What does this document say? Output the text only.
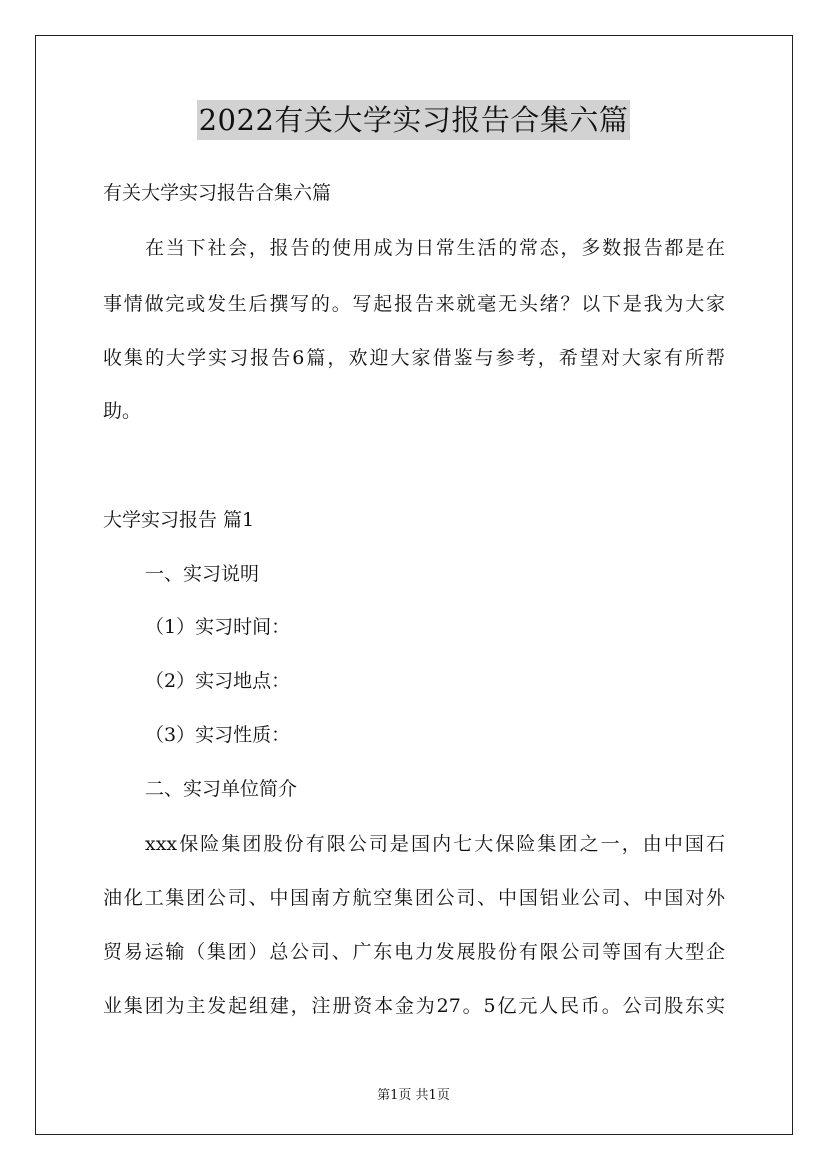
2022有关大学实习报告合集六篇
有关大学实习报告合集六篇
在当下社会，报告的使用成为日常生活的常态，多数报告都是在
事情做完或发生后撰写的。写起报告来就毫无头绪？以下是我为大家
收集的大学实习报告6篇，欢迎大家借鉴与参考，希望对大家有所帮
助。
大学实习报告 篇1
一、实习说明
（1）实习时间：
（2）实习地点：
（3）实习性质：
二、实习单位简介
xxx保险集团股份有限公司是国内七大保险集团之一，由中国石
油化工集团公司、中国南方航空集团公司、中国铝业公司、中国对外
贸易运输（集团）总公司、广东电力发展股份有限公司等国有大型企
业集团为主发起组建，注册资本金为27。5亿元人民币。公司股东实
第1页 共1页
